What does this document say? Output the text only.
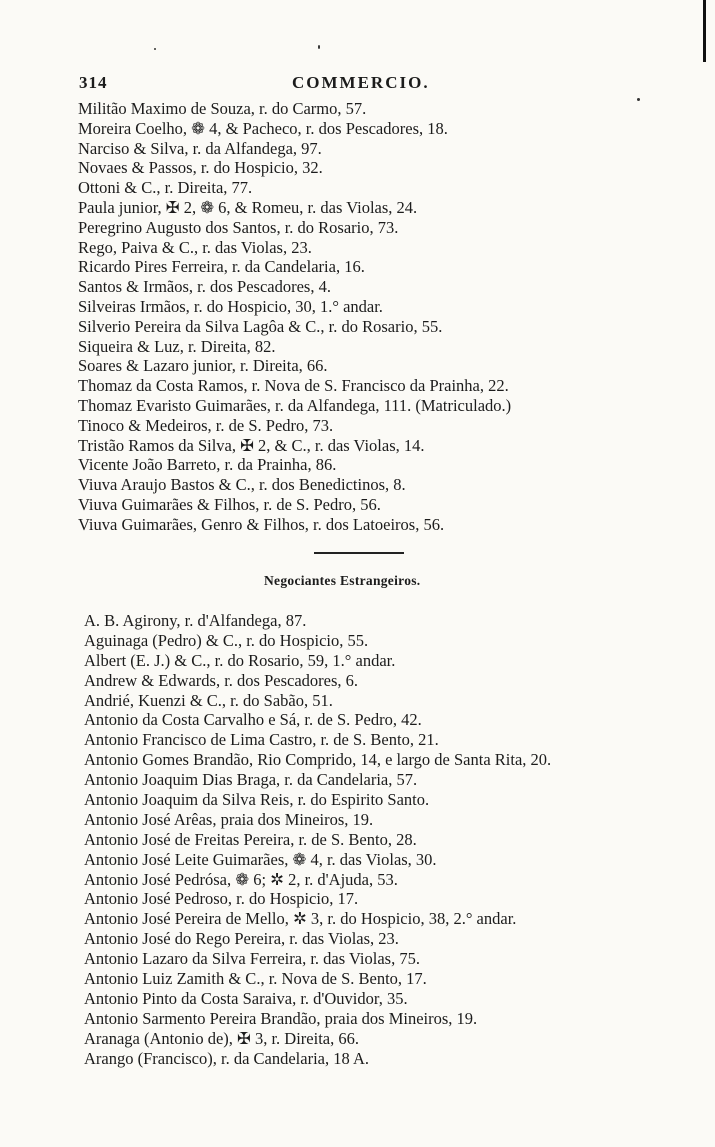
314	COMMERCIO.
Militão Maximo de Souza, r. do Carmo, 57.
Moreira Coelho, ❁ 4, & Pacheco, r. dos Pescadores, 18.
Narciso & Silva, r. da Alfandega, 97.
Novaes & Passos, r. do Hospicio, 32.
Ottoni & C., r. Direita, 77.
Paula junior, ✠ 2, ❁ 6, & Romeu, r. das Violas, 24.
Peregrino Augusto dos Santos, r. do Rosario, 73.
Rego, Paiva & C., r. das Violas, 23.
Ricardo Pires Ferreira, r. da Candelaria, 16.
Santos & Irmãos, r. dos Pescadores, 4.
Silveiras Irmãos, r. do Hospicio, 30, 1.° andar.
Silverio Pereira da Silva Lagôa & C., r. do Rosario, 55.
Siqueira & Luz, r. Direita, 82.
Soares & Lazaro junior, r. Direita, 66.
Thomaz da Costa Ramos, r. Nova de S. Francisco da Prainha, 22.
Thomaz Evaristo Guimarães, r. da Alfandega, 111. (Matriculado.)
Tinoco & Medeiros, r. de S. Pedro, 73.
Tristão Ramos da Silva, ✠ 2, & C., r. das Violas, 14.
Vicente João Barreto, r. da Prainha, 86.
Viuva Araujo Bastos & C., r. dos Benedictinos, 8.
Viuva Guimarães & Filhos, r. de S. Pedro, 56.
Viuva Guimarães, Genro & Filhos, r. dos Latoeiros, 56.
Negociantes Estrangeiros.
A. B. Agirony, r. d'Alfandega, 87.
Aguinaga (Pedro) & C., r. do Hospicio, 55.
Albert (E. J.) & C., r. do Rosario, 59, 1.° andar.
Andrew & Edwards, r. dos Pescadores, 6.
Andrié, Kuenzi & C., r. do Sabão, 51.
Antonio da Costa Carvalho e Sá, r. de S. Pedro, 42.
Antonio Francisco de Lima Castro, r. de S. Bento, 21.
Antonio Gomes Brandão, Rio Comprido, 14, e largo de Santa Rita, 20.
Antonio Joaquim Dias Braga, r. da Candelaria, 57.
Antonio Joaquim da Silva Reis, r. do Espirito Santo.
Antonio José Arêas, praia dos Mineiros, 19.
Antonio José de Freitas Pereira, r. de S. Bento, 28.
Antonio José Leite Guimarães, ❁ 4, r. das Violas, 30.
Antonio José Pedrósa, ❁ 6; ✲ 2, r. d'Ajuda, 53.
Antonio José Pedroso, r. do Hospicio, 17.
Antonio José Pereira de Mello, ✲ 3, r. do Hospicio, 38, 2.° andar.
Antonio José do Rego Pereira, r. das Violas, 23.
Antonio Lazaro da Silva Ferreira, r. das Violas, 75.
Antonio Luiz Zamith & C., r. Nova de S. Bento, 17.
Antonio Pinto da Costa Saraiva, r. d'Ouvidor, 35.
Antonio Sarmento Pereira Brandão, praia dos Mineiros, 19.
Aranaga (Antonio de), ✠ 3, r. Direita, 66.
Arango (Francisco), r. da Candelaria, 18 A.
